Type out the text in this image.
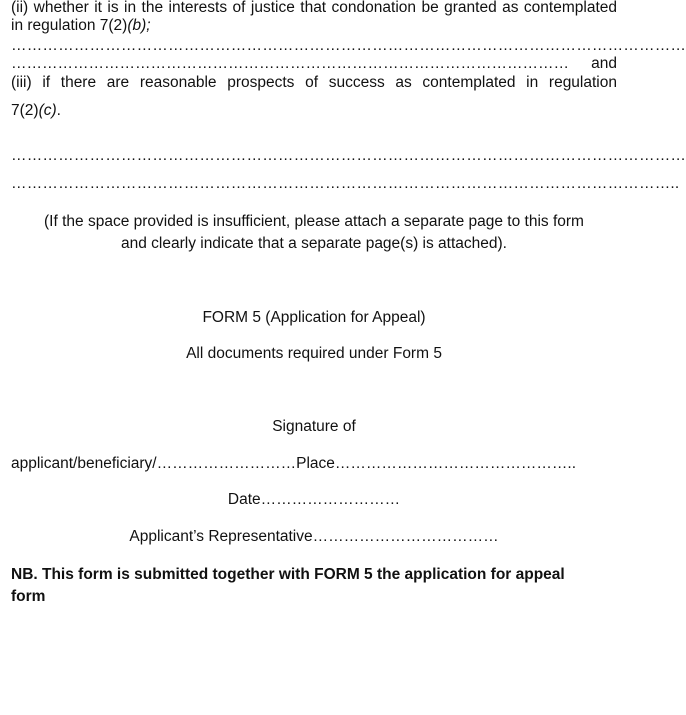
(ii) whether it is in the interests of justice that condonation be granted as contemplated
in regulation 7(2)(b);
…………………………………………………………………………………………………………………
………………………………………………………………………………………………	and
(iii) if there are reasonable prospects of success as contemplated in regulation
7(2)(c).
…………………………………………………………………………………………………………………
………………………………………………………………………………………………………………..
(If the space provided is insufficient, please attach a separate page to this form
and clearly indicate that a separate page(s) is attached).
FORM 5 (Application for Appeal)
All documents required under Form 5
Signature of
applicant/beneficiary/………………………Place………………………………………..
Date………………………
Applicant’s Representative………………………………
NB. This form is submitted together with FORM 5 the application for appeal
form
